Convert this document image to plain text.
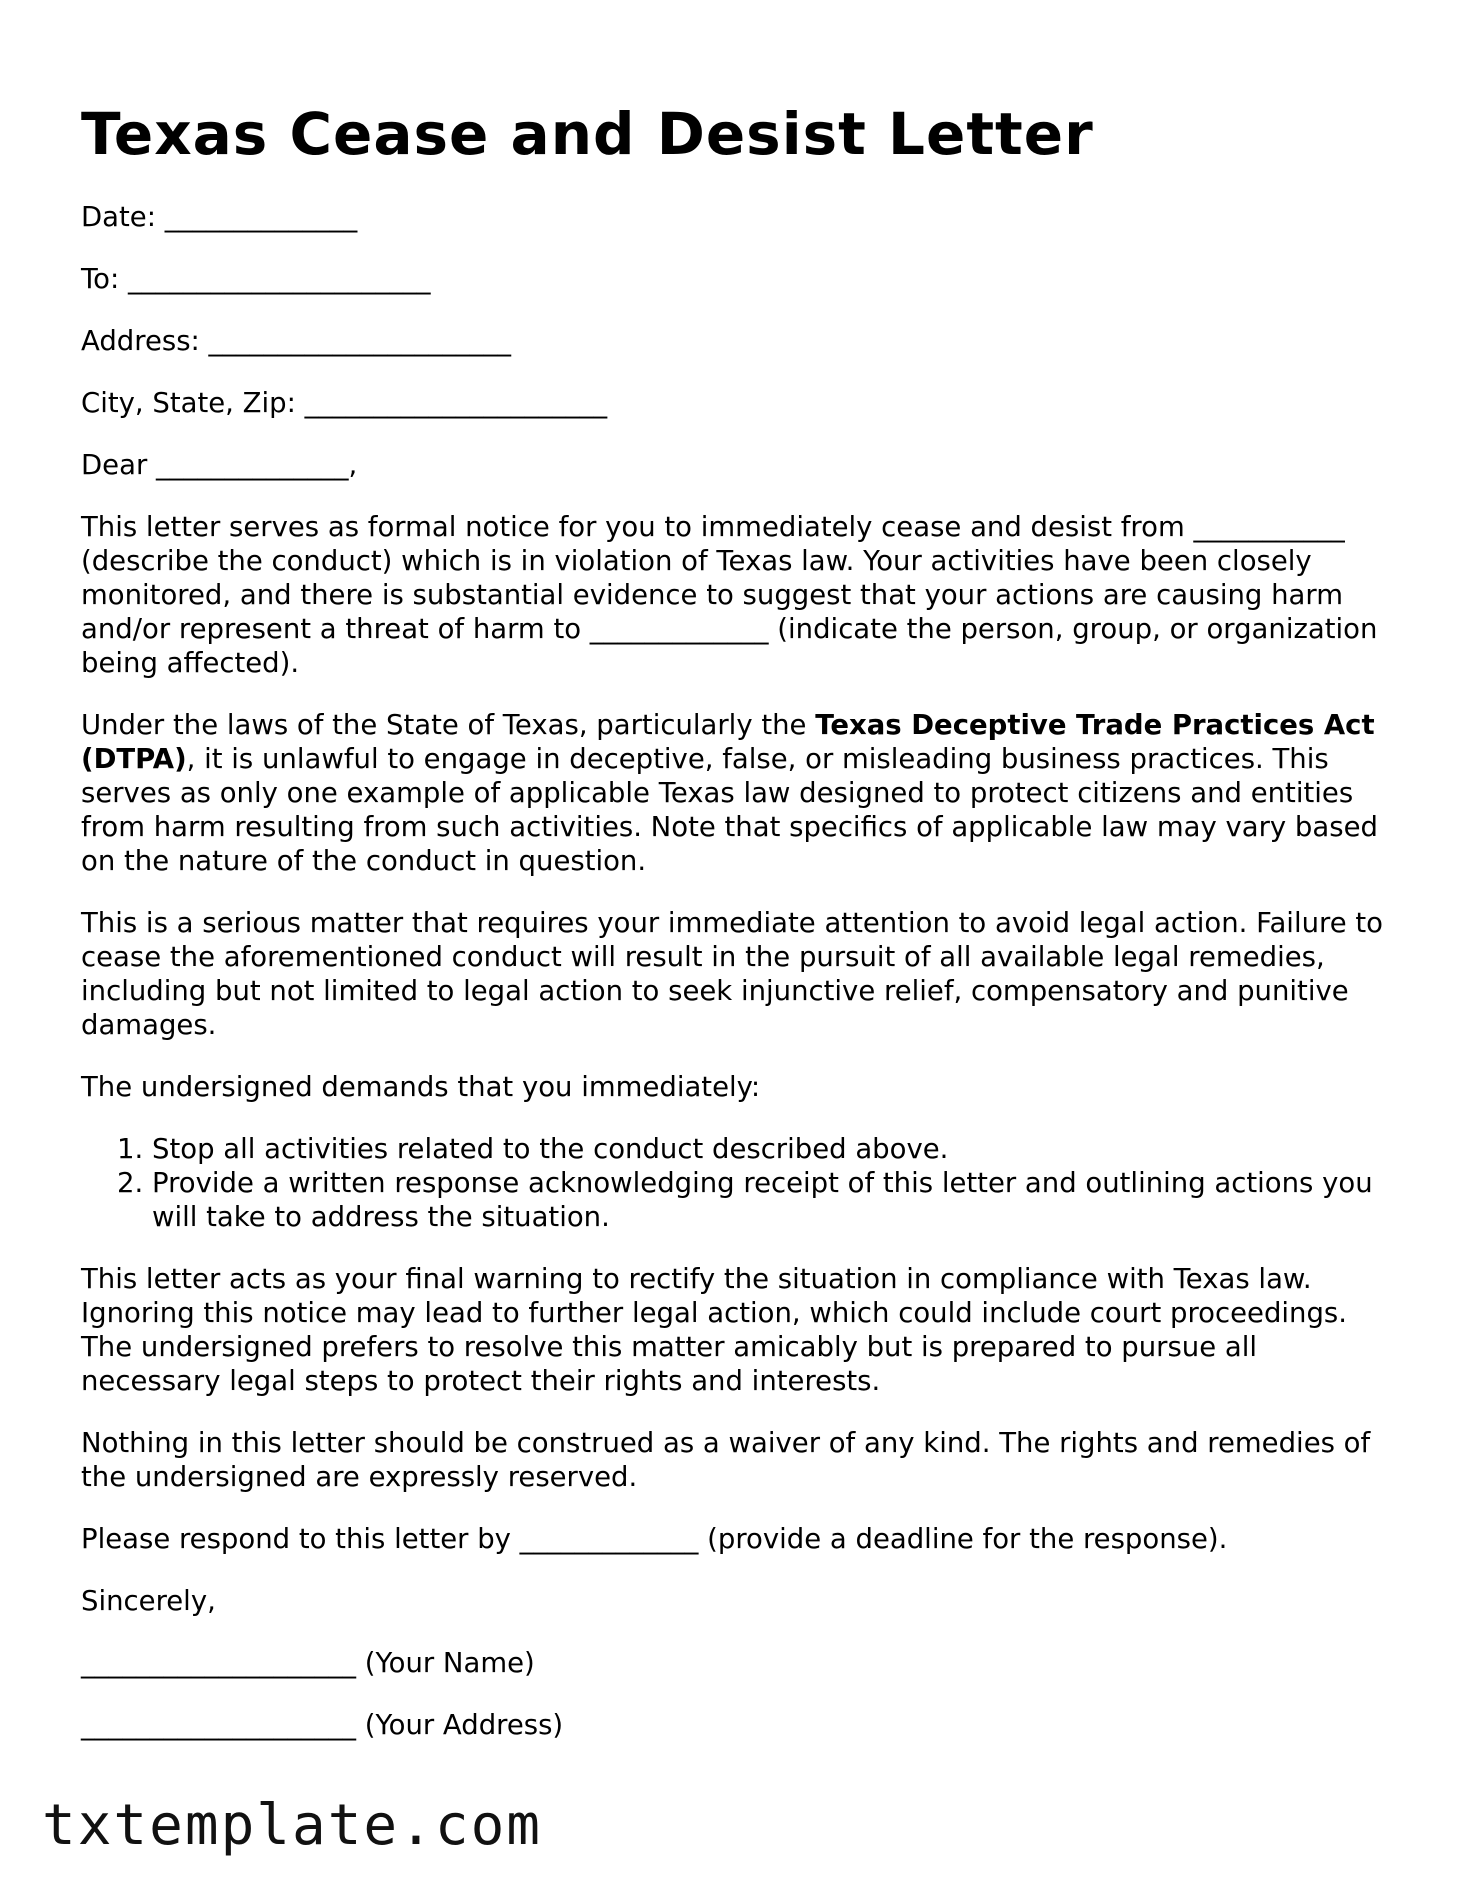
Texas Cease and Desist Letter

Date: ______________

To: ______________________

Address: ______________________

City, State, Zip: ______________________

Dear ______________,

This letter serves as formal notice for you to immediately cease and desist from ___________ (describe the conduct) which is in violation of Texas law. Your activities have been closely monitored, and there is substantial evidence to suggest that your actions are causing harm and/or represent a threat of harm to _____________ (indicate the person, group, or organization being affected).

Under the laws of the State of Texas, particularly the Texas Deceptive Trade Practices Act (DTPA), it is unlawful to engage in deceptive, false, or misleading business practices. This serves as only one example of applicable Texas law designed to protect citizens and entities from harm resulting from such activities. Note that specifics of applicable law may vary based on the nature of the conduct in question.

This is a serious matter that requires your immediate attention to avoid legal action. Failure to cease the aforementioned conduct will result in the pursuit of all available legal remedies, including but not limited to legal action to seek injunctive relief, compensatory and punitive damages.

The undersigned demands that you immediately:

1. Stop all activities related to the conduct described above.
2. Provide a written response acknowledging receipt of this letter and outlining actions you will take to address the situation.

This letter acts as your final warning to rectify the situation in compliance with Texas law. Ignoring this notice may lead to further legal action, which could include court proceedings. The undersigned prefers to resolve this matter amicably but is prepared to pursue all necessary legal steps to protect their rights and interests.

Nothing in this letter should be construed as a waiver of any kind. The rights and remedies of the undersigned are expressly reserved.

Please respond to this letter by _____________ (provide a deadline for the response).

Sincerely,

____________________ (Your Name)

____________________ (Your Address)

txtemplate.com
